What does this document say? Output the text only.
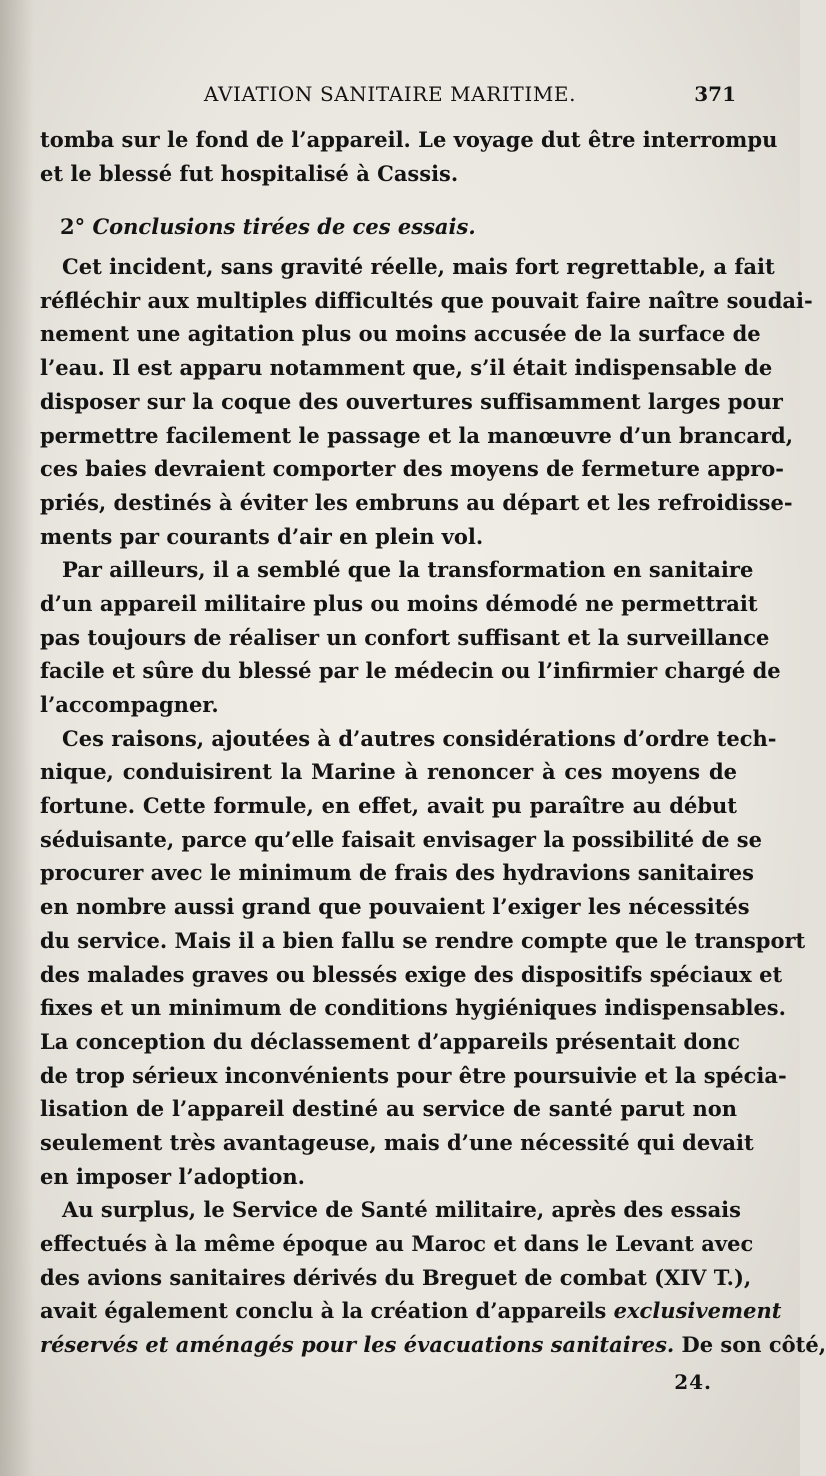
AVIATION SANITAIRE MARITIME.	371
tomba sur le fond de l’appareil. Le voyage dut être interrompu
et le blessé fut hospitalisé à Cassis.
2° Conclusions tirées de ces essais.
Cet incident, sans gravité réelle, mais fort regrettable, a fait
réfléchir aux multiples difficultés que pouvait faire naître soudai-
nement une agitation plus ou moins accusée de la surface de
l’eau. Il est apparu notamment que, s’il était indispensable de
disposer sur la coque des ouvertures suffisamment larges pour
permettre facilement le passage et la manœuvre d’un brancard,
ces baies devraient comporter des moyens de fermeture appro-
priés, destinés à éviter les embruns au départ et les refroidisse-
ments par courants d’air en plein vol.
Par ailleurs, il a semblé que la transformation en sanitaire
d’un appareil militaire plus ou moins démodé ne permettrait
pas toujours de réaliser un confort suffisant et la surveillance
facile et sûre du blessé par le médecin ou l’infirmier chargé de
l’accompagner.
Ces raisons, ajoutées à d’autres considérations d’ordre tech-
nique, conduisirent la Marine à renoncer à ces moyens de
fortune. Cette formule, en effet, avait pu paraître au début
séduisante, parce qu’elle faisait envisager la possibilité de se
procurer avec le minimum de frais des hydravions sanitaires
en nombre aussi grand que pouvaient l’exiger les nécessités
du service. Mais il a bien fallu se rendre compte que le transport
des malades graves ou blessés exige des dispositifs spéciaux et
fixes et un minimum de conditions hygiéniques indispensables.
La conception du déclassement d’appareils présentait donc
de trop sérieux inconvénients pour être poursuivie et la spécia-
lisation de l’appareil destiné au service de santé parut non
seulement très avantageuse, mais d’une nécessité qui devait
en imposer l’adoption.
Au surplus, le Service de Santé militaire, après des essais
effectués à la même époque au Maroc et dans le Levant avec
des avions sanitaires dérivés du Breguet de combat (XIV T.),
avait également conclu à la création d’appareils exclusivement
réservés et aménagés pour les évacuations sanitaires. De son côté,
24.
